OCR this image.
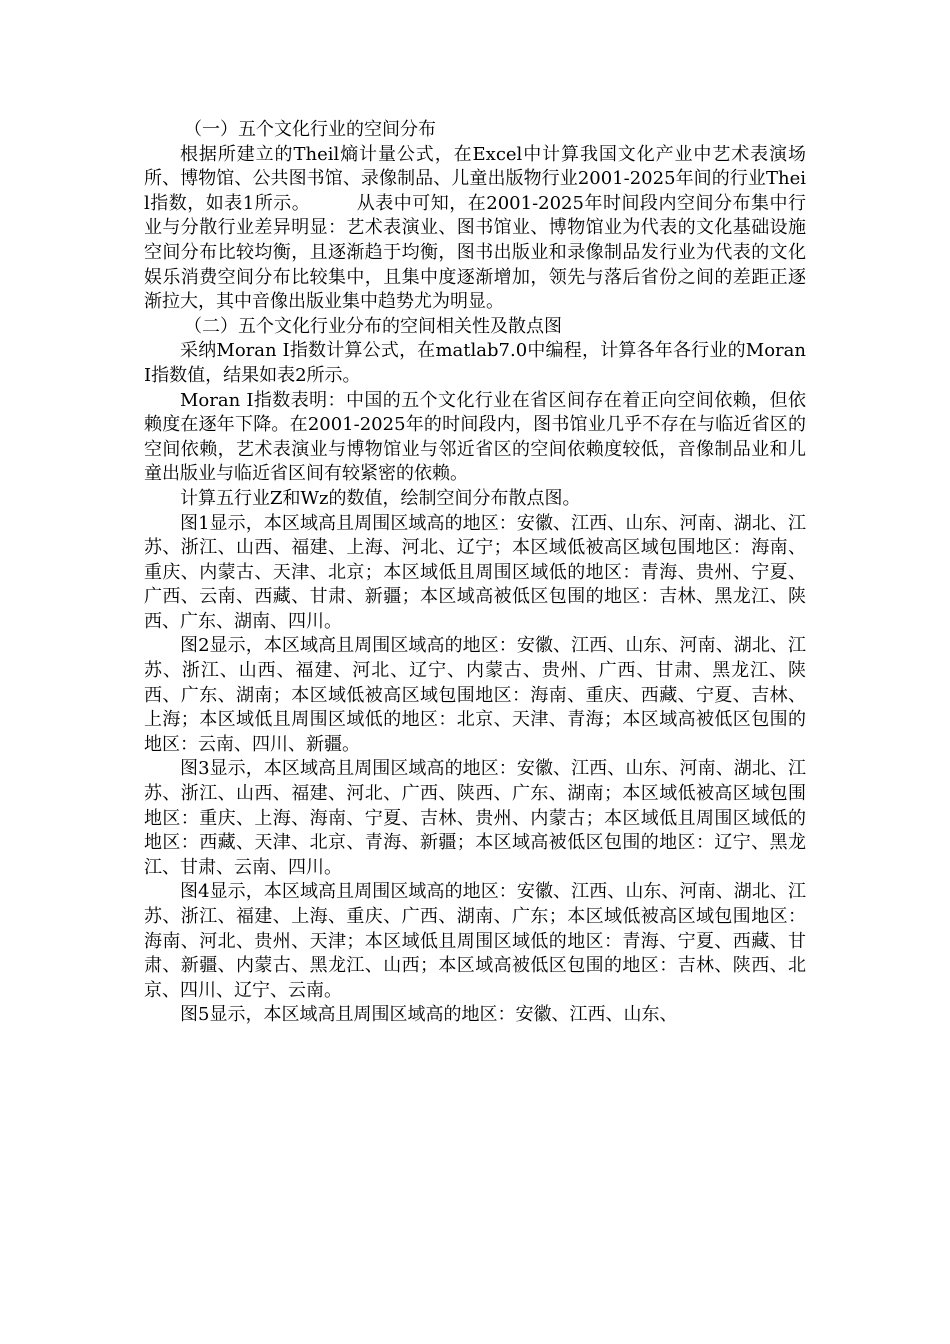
（一）五个文化行业的空间分布

根据所建立的Theil熵计量公式，在Excel中计算我国文化产业中艺术表演场所、博物馆、公共图书馆、录像制品、儿童出版物行业2001-2025年间的行业Theil指数，如表1所示。　　　从表中可知，在2001-2025年时间段内空间分布集中行业与分散行业差异明显：艺术表演业、图书馆业、博物馆业为代表的文化基础设施空间分布比较均衡，且逐渐趋于均衡，图书出版业和录像制品发行业为代表的文化娱乐消费空间分布比较集中，且集中度逐渐增加，领先与落后省份之间的差距正逐渐拉大，其中音像出版业集中趋势尤为明显。

（二）五个文化行业分布的空间相关性及散点图

采纳Moran I指数计算公式，在matlab7.0中编程，计算各年各行业的Moran I指数值，结果如表2所示。

Moran I指数表明：中国的五个文化行业在省区间存在着正向空间依赖，但依赖度在逐年下降。在2001-2025年的时间段内，图书馆业几乎不存在与临近省区的空间依赖，艺术表演业与博物馆业与邻近省区的空间依赖度较低，音像制品业和儿童出版业与临近省区间有较紧密的依赖。

计算五行业Z和Wz的数值，绘制空间分布散点图。

图1显示，本区域高且周围区域高的地区：安徽、江西、山东、河南、湖北、江苏、浙江、山西、福建、上海、河北、辽宁；本区域低被高区域包围地区：海南、重庆、内蒙古、天津、北京；本区域低且周围区域低的地区：青海、贵州、宁夏、广西、云南、西藏、甘肃、新疆；本区域高被低区包围的地区：吉林、黑龙江、陕西、广东、湖南、四川。

图2显示，本区域高且周围区域高的地区：安徽、江西、山东、河南、湖北、江苏、浙江、山西、福建、河北、辽宁、内蒙古、贵州、广西、甘肃、黑龙江、陕西、广东、湖南；本区域低被高区域包围地区：海南、重庆、西藏、宁夏、吉林、上海；本区域低且周围区域低的地区：北京、天津、青海；本区域高被低区包围的地区：云南、四川、新疆。

图3显示，本区域高且周围区域高的地区：安徽、江西、山东、河南、湖北、江苏、浙江、山西、福建、河北、广西、陕西、广东、湖南；本区域低被高区域包围地区：重庆、上海、海南、宁夏、吉林、贵州、内蒙古；本区域低且周围区域低的地区：西藏、天津、北京、青海、新疆；本区域高被低区包围的地区：辽宁、黑龙江、甘肃、云南、四川。

图4显示，本区域高且周围区域高的地区：安徽、江西、山东、河南、湖北、江苏、浙江、福建、上海、重庆、广西、湖南、广东；本区域低被高区域包围地区：海南、河北、贵州、天津；本区域低且周围区域低的地区：青海、宁夏、西藏、甘肃、新疆、内蒙古、黑龙江、山西；本区域高被低区包围的地区：吉林、陕西、北京、四川、辽宁、云南。

图5显示，本区域高且周围区域高的地区：安徽、江西、山东、
